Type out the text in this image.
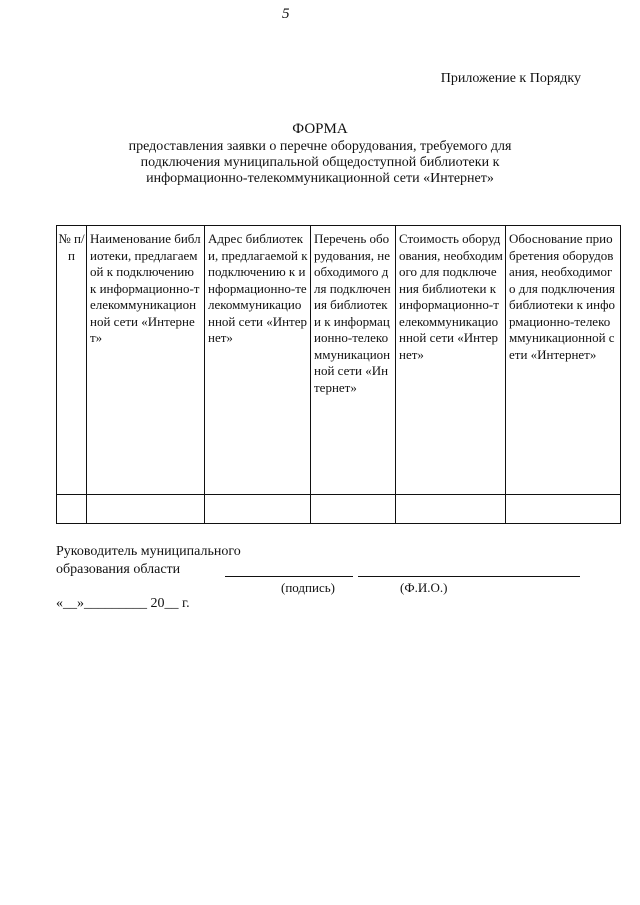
5
Приложение к Порядку
ФОРМА
предоставления заявки о перечне оборудования, требуемого для подключения муниципальной общедоступной библиотеки к информационно-телекоммуникационной сети «Интернет»
№ п/п	Наименование библиотеки, предлагаемой к подключению к информационно-телекоммуникационной сети «Интернет»	Адрес библиотеки, предлагаемой к подключению к информационно-телекоммуникационной сети «Интернет»	Перечень оборудования, необходимого для подключения библиотеки к информационно-телекоммуникационной сети «Интернет»	Стоимость оборудования, необходимого для подключения библиотеки к информационно-телекоммуникационной сети «Интернет»	Обоснование приобретения оборудования, необходимого для подключения библиотеки к информационно-телекоммуникационной сети «Интернет»

Руководитель муниципального
образования области
(подпись)	(Ф.И.О.)
«__»_________ 20__ г.
